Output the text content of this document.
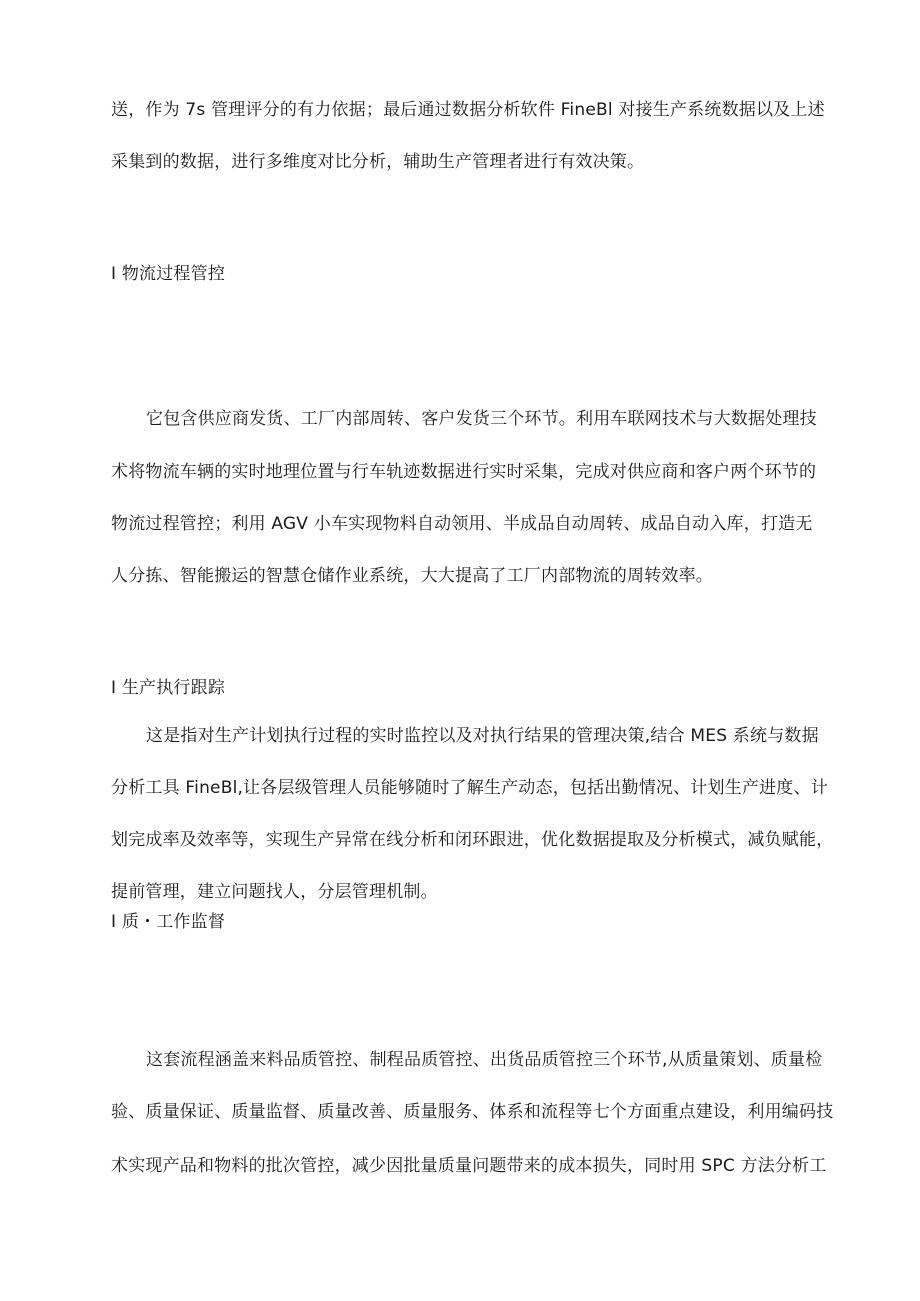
送，作为 7s 管理评分的有力依据；最后通过数据分析软件 FineBl 对接生产系统数据以及上述
采集到的数据，进行多维度对比分析，辅助生产管理者进行有效决策。
I 物流过程管控
它包含供应商发货、工厂内部周转、客户发货三个环节。利用车联网技术与大数据处理技
术将物流车辆的实时地理位置与行车轨迹数据进行实时采集，完成对供应商和客户两个环节的
物流过程管控；利用 AGV 小车实现物料自动领用、半成品自动周转、成品自动入库，打造无
人分拣、智能搬运的智慧仓储作业系统，大大提高了工厂内部物流的周转效率。
I 生产执行跟踪
这是指对生产计划执行过程的实时监控以及对执行结果的管理决策,结合 MES 系统与数据
分析工具 FineBl,让各层级管理人员能够随时了解生产动态，包括出勤情况、计划生产进度、计
划完成率及效率等，实现生产异常在线分析和闭环跟进，优化数据提取及分析模式，减负赋能，
提前管理，建立问题找人，分层管理机制。
I 质・工作监督
这套流程涵盖来料品质管控、制程品质管控、出货品质管控三个环节,从质量策划、质量检
验、质量保证、质量监督、质量改善、质量服务、体系和流程等七个方面重点建设，利用编码技
术实现产品和物料的批次管控，减少因批量质量问题带来的成本损失，同时用 SPC 方法分析工
